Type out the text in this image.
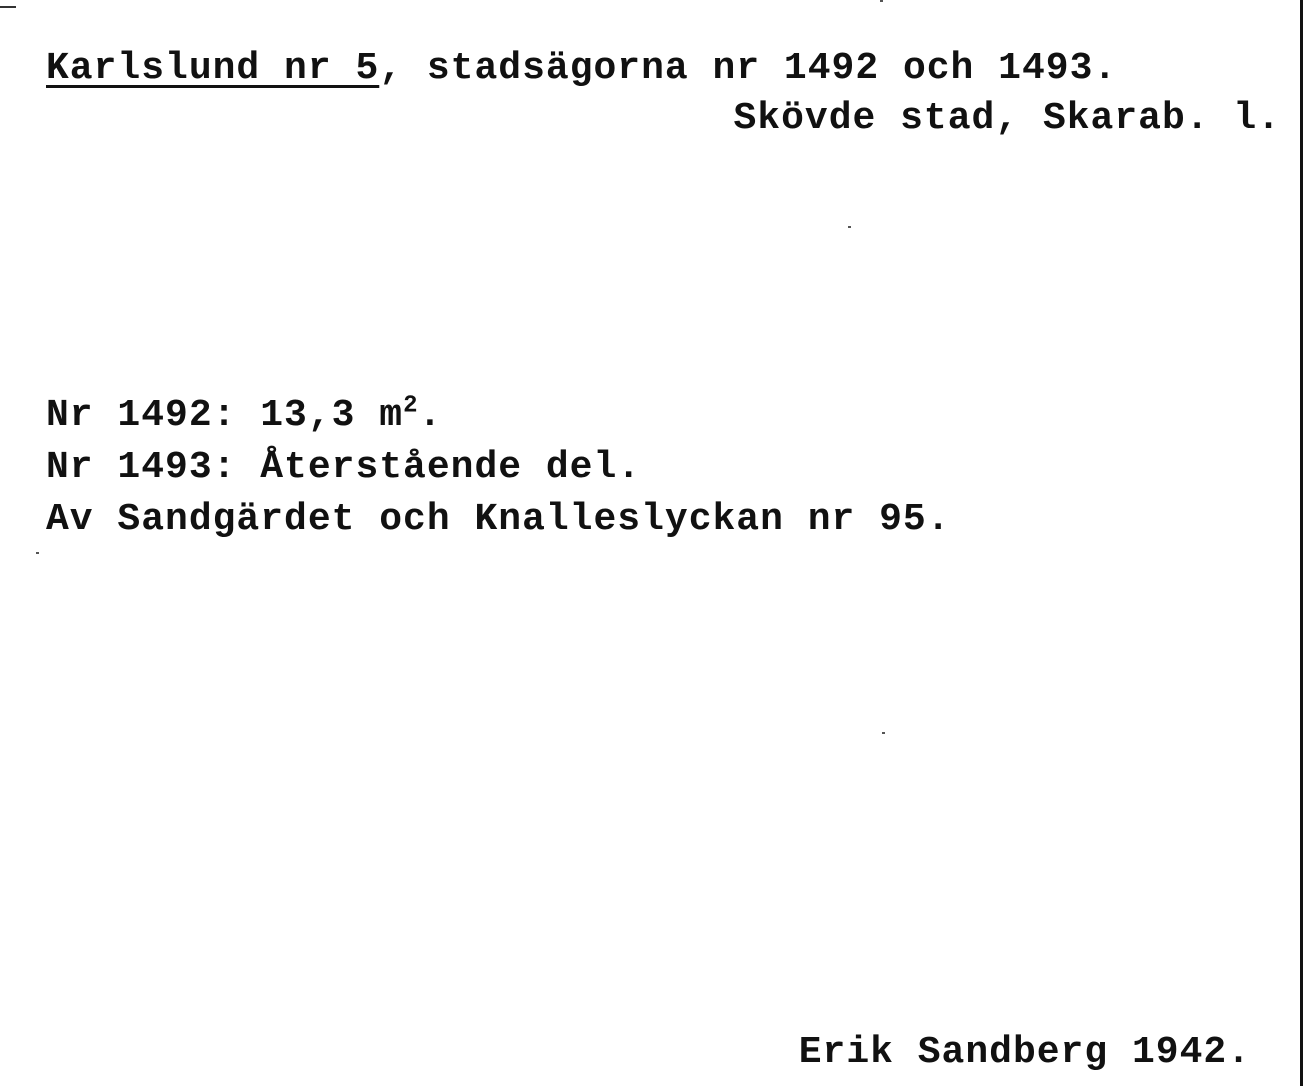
Karlslund nr 5, stadsägorna nr 1492 och 1493.
Skövde stad, Skarab. l.
Nr 1492: 13,3 $m^2$.
Nr 1493: Återstående del.
Av Sandgärdet och Knalleslyckan nr 95.
Erik Sandberg 1942.
